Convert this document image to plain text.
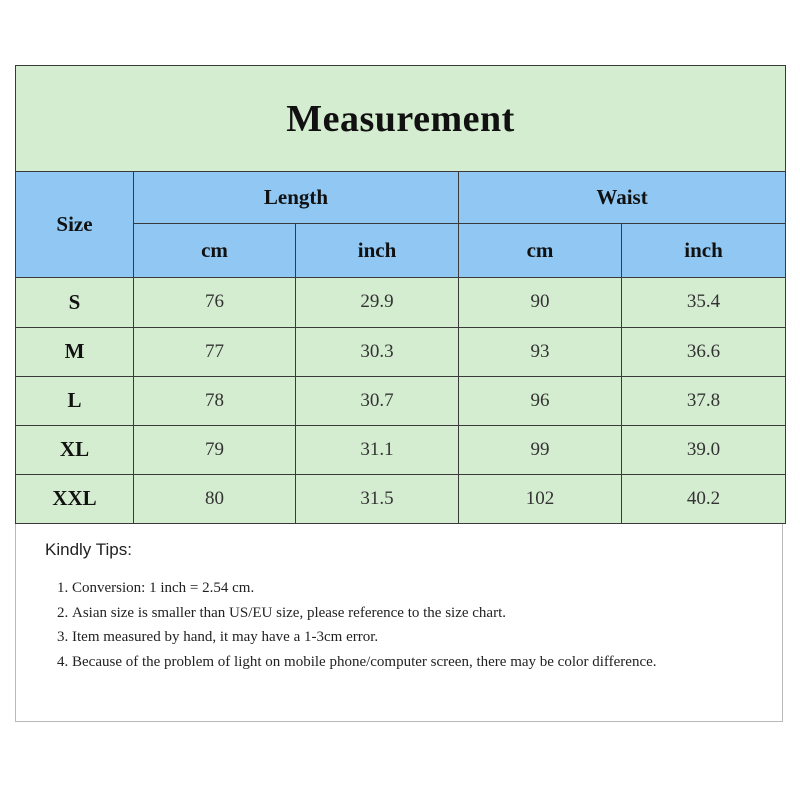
Measurement				
Size	Length		Waist	
	cm	inch	cm	inch
S	76	29.9	90	35.4
M	77	30.3	93	36.6
L	78	30.7	96	37.8
XL	79	31.1	99	39.0
XXL	80	31.5	102	40.2

Kindly Tips:

1. Conversion: 1 inch = 2.54 cm.
2. Asian size is smaller than US/EU size, please reference to the size chart.
3. Item measured by hand, it may have a 1-3cm error.
4. Because of the problem of light on mobile phone/computer screen, there may be color difference.
